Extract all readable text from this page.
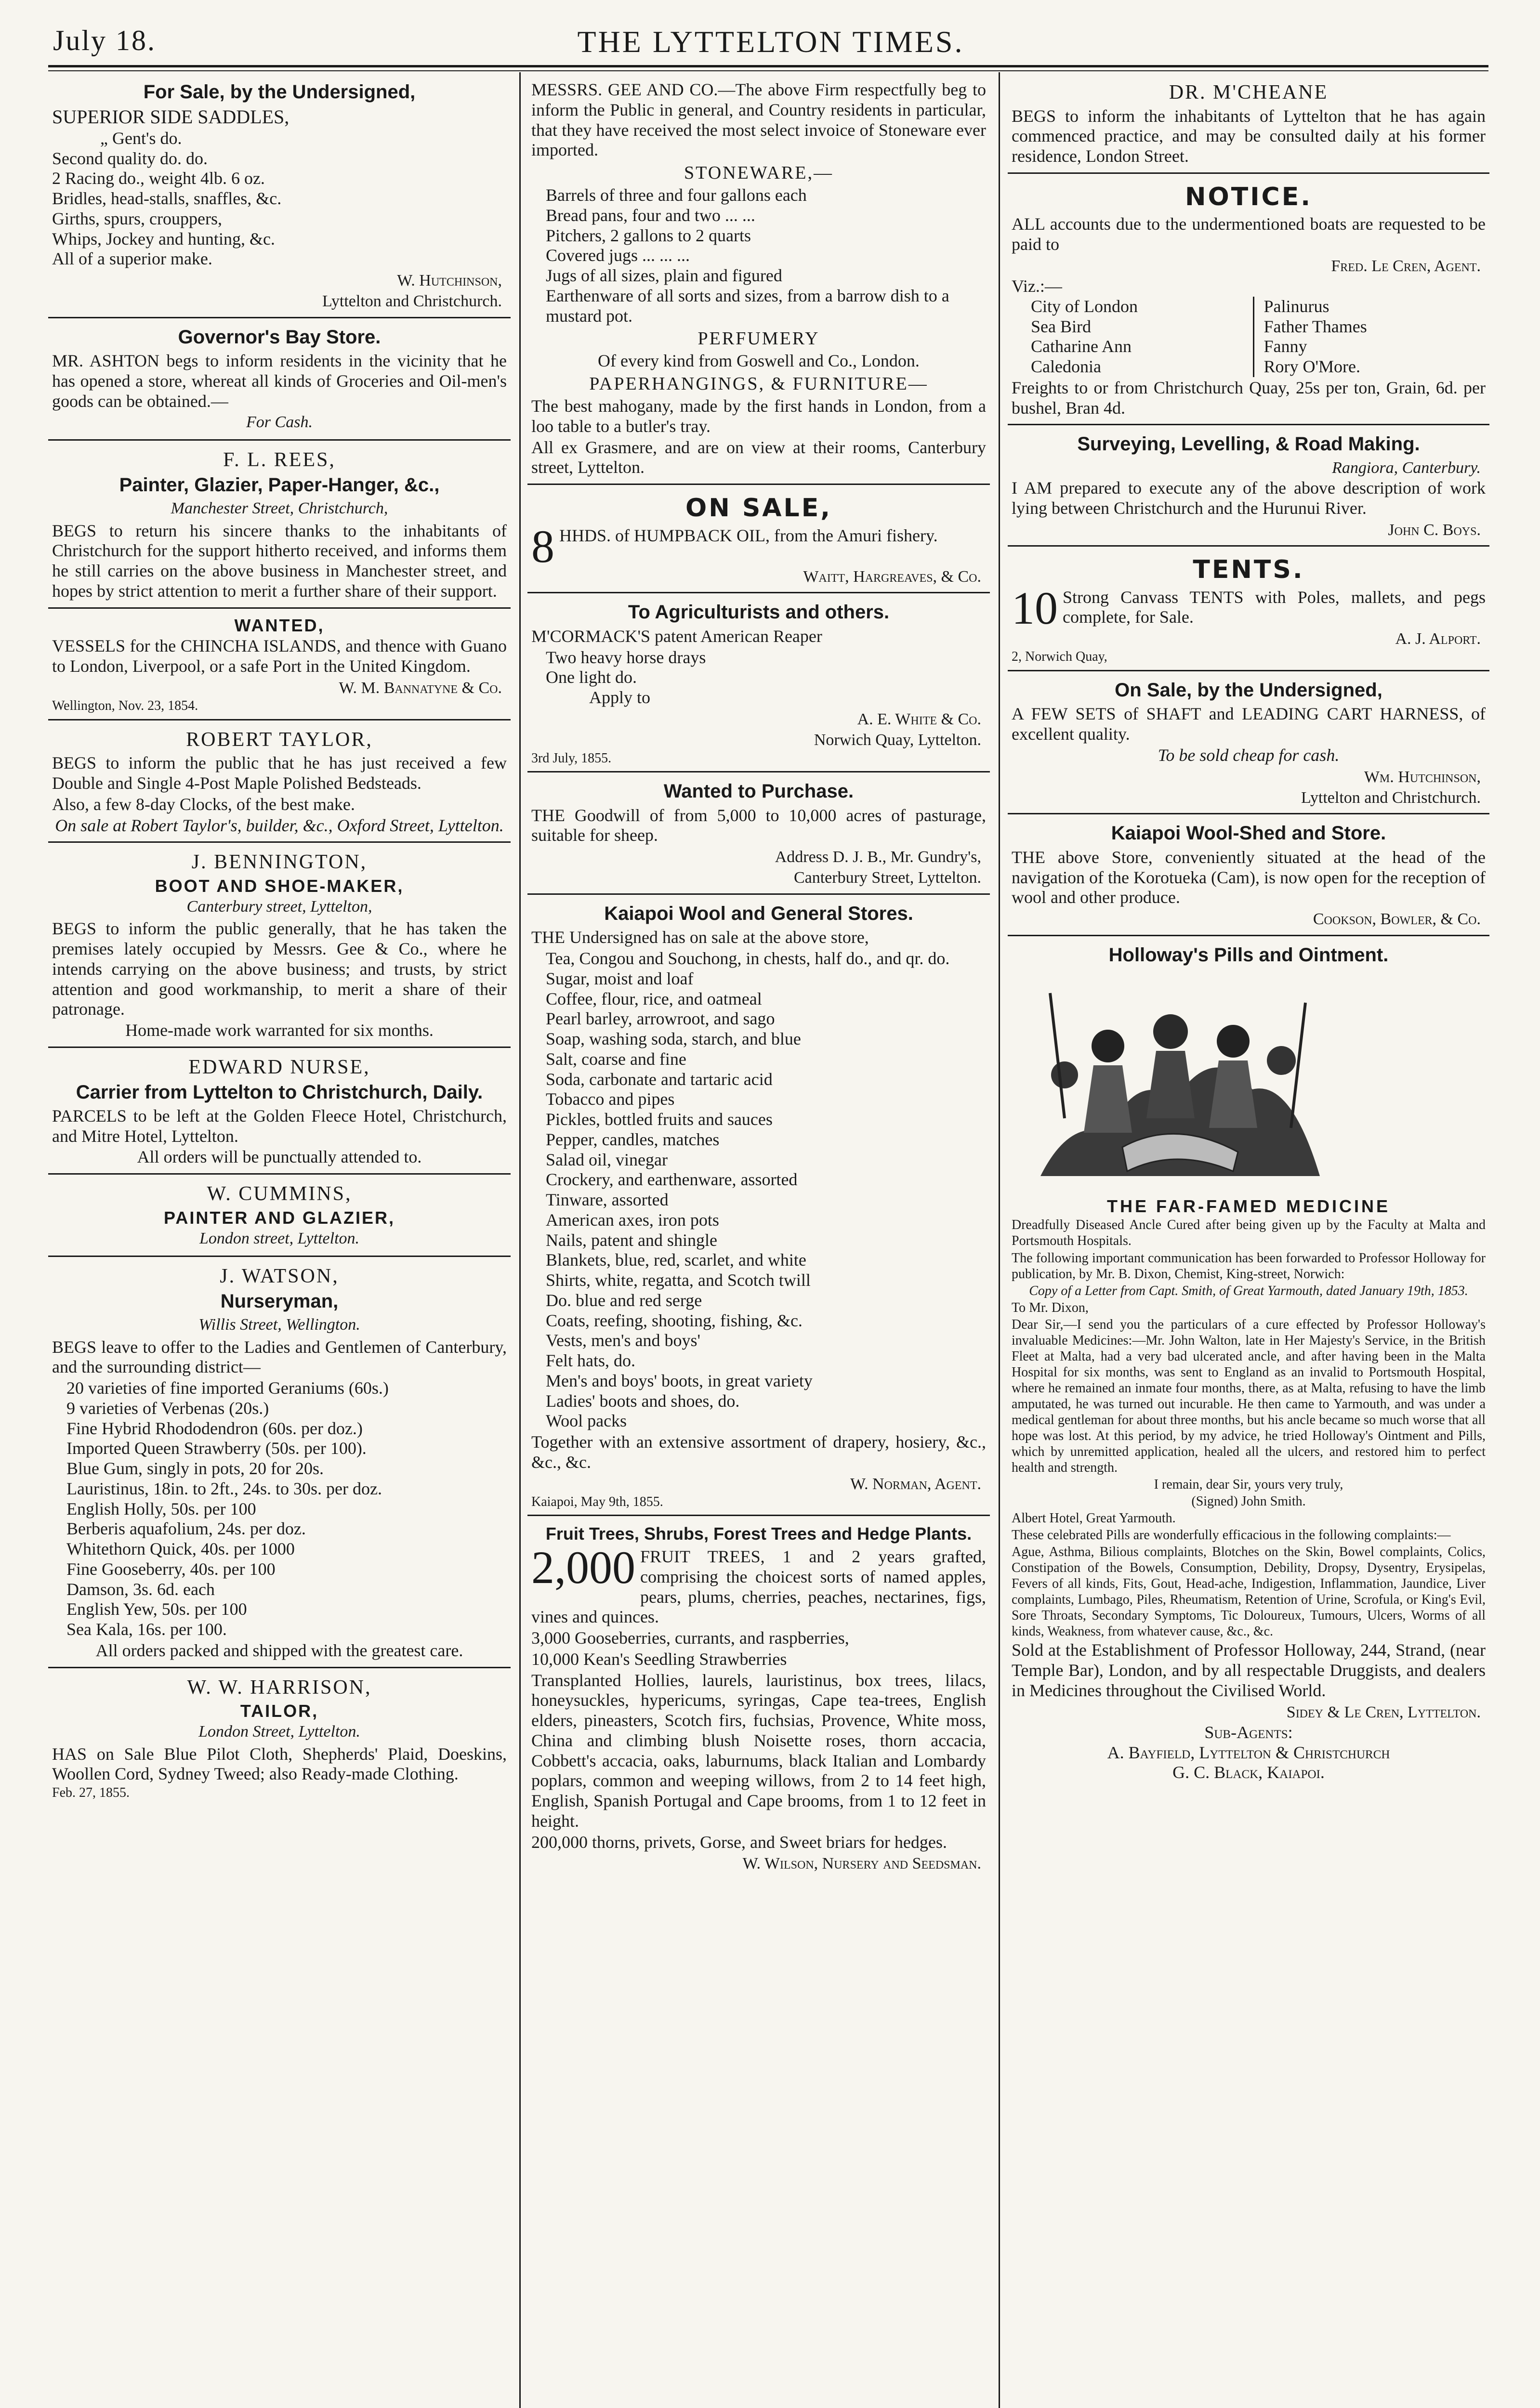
July 18.	THE LYTTELTON TIMES.
For Sale, by the Undersigned,
SUPERIOR SIDE SADDLES,
„ Gent's do.
Second quality do. do.
2 Racing do., weight 4lb. 6 oz.
Bridles, head-stalls, snaffles, &c.
Girths, spurs, crouppers,
Whips, Jockey and hunting, &c.
All of a superior make.
W. Hutchinson,
Lyttelton and Christchurch.
Governor's Bay Store.

MR. ASHTON begs to inform residents in the vicinity that he has opened a store, whereat all kinds of Groceries and Oil-men's goods can be obtained.—

For Cash.
F. L. REES,
Painter, Glazier, Paper-Hanger, &c.,
Manchester Street, Christchurch,

BEGS to return his sincere thanks to the inhabitants of Christchurch for the support hitherto received, and informs them he still carries on the above business in Manchester street, and hopes by strict attention to merit a further share of their support.

WANTED,

VESSELS for the CHINCHA ISLANDS, and thence with Guano to London, Liverpool, or a safe Port in the United Kingdom.

W. M. Bannatyne & Co.
Wellington, Nov. 23, 1854.
ROBERT TAYLOR,

BEGS to inform the public that he has just received a few Double and Single 4-Post Maple Polished Bedsteads.

Also, a few 8-day Clocks, of the best make.

On sale at Robert Taylor's, builder, &c., Oxford Street, Lyttelton.

J. BENNINGTON,
BOOT AND SHOE-MAKER,
Canterbury street, Lyttelton,

BEGS to inform the public generally, that he has taken the premises lately occupied by Messrs. Gee & Co., where he intends carrying on the above business; and trusts, by strict attention and good workmanship, to merit a share of their patronage.

Home-made work warranted for six months.

EDWARD NURSE,
Carrier from Lyttelton to Christchurch, Daily.

PARCELS to be left at the Golden Fleece Hotel, Christchurch, and Mitre Hotel, Lyttelton.

All orders will be punctually attended to.

W. CUMMINS,
PAINTER AND GLAZIER,
London street, Lyttelton.
J. WATSON,
Nurseryman,
Willis Street, Wellington.

BEGS leave to offer to the Ladies and Gentlemen of Canterbury, and the surrounding district—

20 varieties of fine imported Geraniums (60s.)
9 varieties of Verbenas (20s.)
Fine Hybrid Rhododendron (60s. per doz.)
Imported Queen Strawberry (50s. per 100).
Blue Gum, singly in pots, 20 for 20s.
Lauristinus, 18in. to 2ft., 24s. to 30s. per doz.
English Holly, 50s. per 100
Berberis aquafolium, 24s. per doz.
Whitethorn Quick, 40s. per 1000
Fine Gooseberry, 40s. per 100
Damson, 3s. 6d. each
English Yew, 50s. per 100
Sea Kala, 16s. per 100.

All orders packed and shipped with the greatest care.

W. W. HARRISON,
TAILOR,
London Street, Lyttelton.

HAS on Sale Blue Pilot Cloth, Shepherds' Plaid, Doeskins, Woollen Cord, Sydney Tweed; also Ready-made Clothing.

Feb. 27, 1855.

MESSRS. GEE AND CO.—The above Firm respectfully beg to inform the Public in general, and Country residents in particular, that they have received the most select invoice of Stoneware ever imported.

STONEWARE,—
Barrels of three and four gallons each
Bread pans, four and two ... ...
Pitchers, 2 gallons to 2 quarts
Covered jugs ... ... ...
Jugs of all sizes, plain and figured
Earthenware of all sorts and sizes, from a barrow dish to a mustard pot.
PERFUMERY

Of every kind from Goswell and Co., London.

PAPERHANGINGS, & FURNITURE—

The best mahogany, made by the first hands in London, from a loo table to a butler's tray.

All ex Grasmere, and are on view at their rooms, Canterbury street, Lyttelton.

ON SALE,
8 HHDS. of HUMPBACK OIL, from the Amuri fishery.

Waitt, Hargreaves, & Co.
To Agriculturists and others.

M'CORMACK'S patent American Reaper

Two heavy horse drays
One light do.
Apply to
A. E. White & Co.
Norwich Quay, Lyttelton.
3rd July, 1855.
Wanted to Purchase.

THE Goodwill of from 5,000 to 10,000 acres of pasturage, suitable for sheep.

Address D. J. B., Mr. Gundry's,
Canterbury Street, Lyttelton.
Kaiapoi Wool and General Stores.

THE Undersigned has on sale at the above store,

Tea, Congou and Souchong, in chests, half do., and qr. do.
Sugar, moist and loaf
Coffee, flour, rice, and oatmeal
Pearl barley, arrowroot, and sago
Soap, washing soda, starch, and blue
Salt, coarse and fine
Soda, carbonate and tartaric acid
Tobacco and pipes
Pickles, bottled fruits and sauces
Pepper, candles, matches
Salad oil, vinegar
Crockery, and earthenware, assorted
Tinware, assorted
American axes, iron pots
Nails, patent and shingle
Blankets, blue, red, scarlet, and white
Shirts, white, regatta, and Scotch twill
Do. blue and red serge
Coats, reefing, shooting, fishing, &c.
Vests, men's and boys'
Felt hats, do.
Men's and boys' boots, in great variety
Ladies' boots and shoes, do.
Wool packs

Together with an extensive assortment of drapery, hosiery, &c., &c., &c.

W. Norman, Agent.
Kaiapoi, May 9th, 1855.
Fruit Trees, Shrubs, Forest Trees and Hedge Plants.
2,000 FRUIT TREES, 1 and 2 years grafted, comprising the choicest sorts of named apples, pears, plums, cherries, peaches, nectarines, figs, vines and quinces.

3,000 Gooseberries, currants, and raspberries,

10,000 Kean's Seedling Strawberries

Transplanted Hollies, laurels, lauristinus, box trees, lilacs, honeysuckles, hypericums, syringas, Cape tea-trees, English elders, pineasters, Scotch firs, fuchsias, Provence, White moss, China and climbing blush Noisette roses, thorn accacia, Cobbett's accacia, oaks, laburnums, black Italian and Lombardy poplars, common and weeping willows, from 2 to 14 feet high, English, Spanish Portugal and Cape brooms, from 1 to 12 feet in height.

200,000 thorns, privets, Gorse, and Sweet briars for hedges.

W. Wilson, Nursery and Seedsman.
DR. M'CHEANE

BEGS to inform the inhabitants of Lyttelton that he has again commenced practice, and may be consulted daily at his former residence, London Street.

NOTICE.

ALL accounts due to the undermentioned boats are requested to be paid to

Fred. Le Cren, Agent.
Viz.:—
City of London
Sea Bird
Catharine Ann
Caledonia
Palinurus
Father Thames
Fanny
Rory O'More.

Freights to or from Christchurch Quay, 25s per ton, Grain, 6d. per bushel, Bran 4d.

Surveying, Levelling, & Road Making.
Rangiora, Canterbury.

I AM prepared to execute any of the above description of work lying between Christchurch and the Hurunui River.

John C. Boys.
TENTS.
10 Strong Canvass TENTS with Poles, mallets, and pegs complete, for Sale.

A. J. Alport.
2, Norwich Quay,
On Sale, by the Undersigned,

A FEW SETS of SHAFT and LEADING CART HARNESS, of excellent quality.

To be sold cheap for cash.

Wm. Hutchinson,
Lyttelton and Christchurch.
Kaiapoi Wool-Shed and Store.

THE above Store, conveniently situated at the head of the navigation of the Korotueka (Cam), is now open for the reception of wool and other produce.

Cookson, Bowler, & Co.
Holloway's Pills and Ointment.
THE FAR-FAMED MEDICINE

Dreadfully Diseased Ancle Cured after being given up by the Faculty at Malta and Portsmouth Hospitals.

The following important communication has been forwarded to Professor Holloway for publication, by Mr. B. Dixon, Chemist, King-street, Norwich:

Copy of a Letter from Capt. Smith, of Great Yarmouth, dated January 19th, 1853.

To Mr. Dixon,

Dear Sir,—I send you the particulars of a cure effected by Professor Holloway's invaluable Medicines:—Mr. John Walton, late in Her Majesty's Service, in the British Fleet at Malta, had a very bad ulcerated ancle, and after having been in the Malta Hospital for six months, was sent to England as an invalid to Portsmouth Hospital, where he remained an inmate four months, there, as at Malta, refusing to have the limb amputated, he was turned out incurable. He then came to Yarmouth, and was under a medical gentleman for about three months, but his ancle became so much worse that all hope was lost. At this period, by my advice, he tried Holloway's Ointment and Pills, which by unremitted application, healed all the ulcers, and restored him to perfect health and strength.

I remain, dear Sir, yours very truly,

(Signed) John Smith.

Albert Hotel, Great Yarmouth.

These celebrated Pills are wonderfully efficacious in the following complaints:—

Ague, Asthma, Bilious complaints, Blotches on the Skin, Bowel complaints, Colics, Constipation of the Bowels, Consumption, Debility, Dropsy, Dysentry, Erysipelas, Fevers of all kinds, Fits, Gout, Head-ache, Indigestion, Inflammation, Jaundice, Liver complaints, Lumbago, Piles, Rheumatism, Retention of Urine, Scrofula, or King's Evil, Sore Throats, Secondary Symptoms, Tic Doloureux, Tumours, Ulcers, Worms of all kinds, Weakness, from whatever cause, &c., &c.

Sold at the Establishment of Professor Holloway, 244, Strand, (near Temple Bar), London, and by all respectable Druggists, and dealers in Medicines throughout the Civilised World.

Sidey & Le Cren, Lyttelton.
Sub-Agents:
A. Bayfield, Lyttelton & Christchurch
G. C. Black, Kaiapoi.
